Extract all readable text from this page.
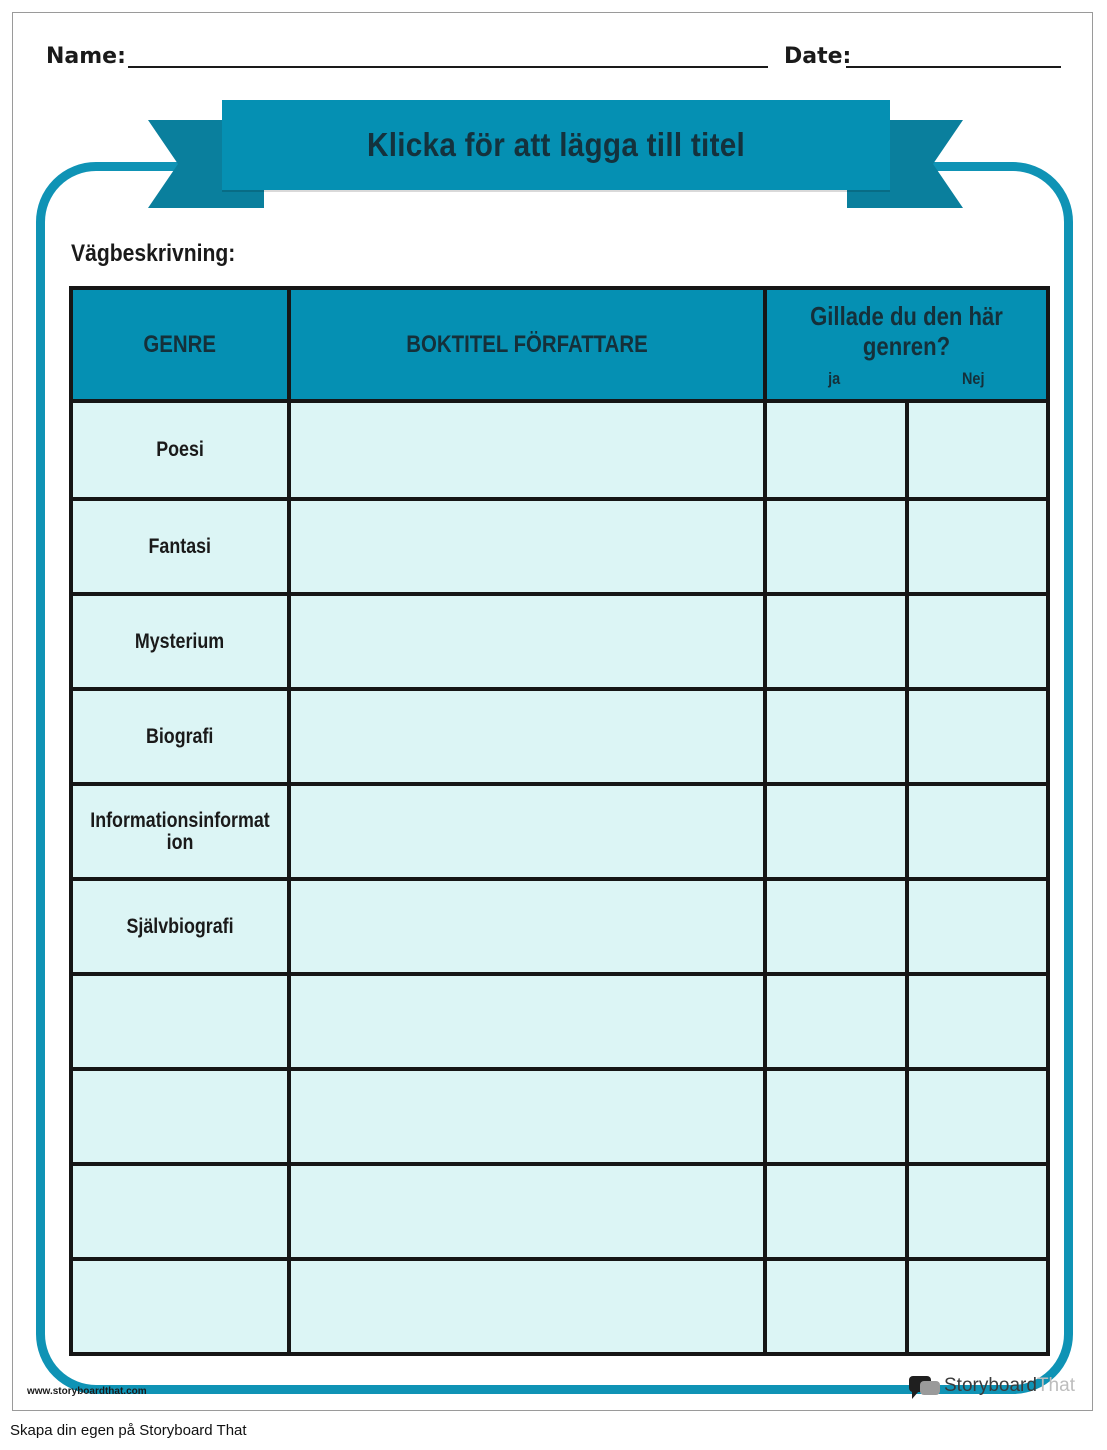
Name:	Date:
Klicka för att lägga till titel
Vägbeskrivning:
GENRE	BOKTITEL FÖRFATTARE	Gillade du den här genren?
ja Nej	

Poesi			
Fantasi			
Mysterium			
Biografi			
Informationsinformation			
Självbiografi			

www.storyboardthat.com	StoryboardThat
Skapa din egen på Storyboard That
